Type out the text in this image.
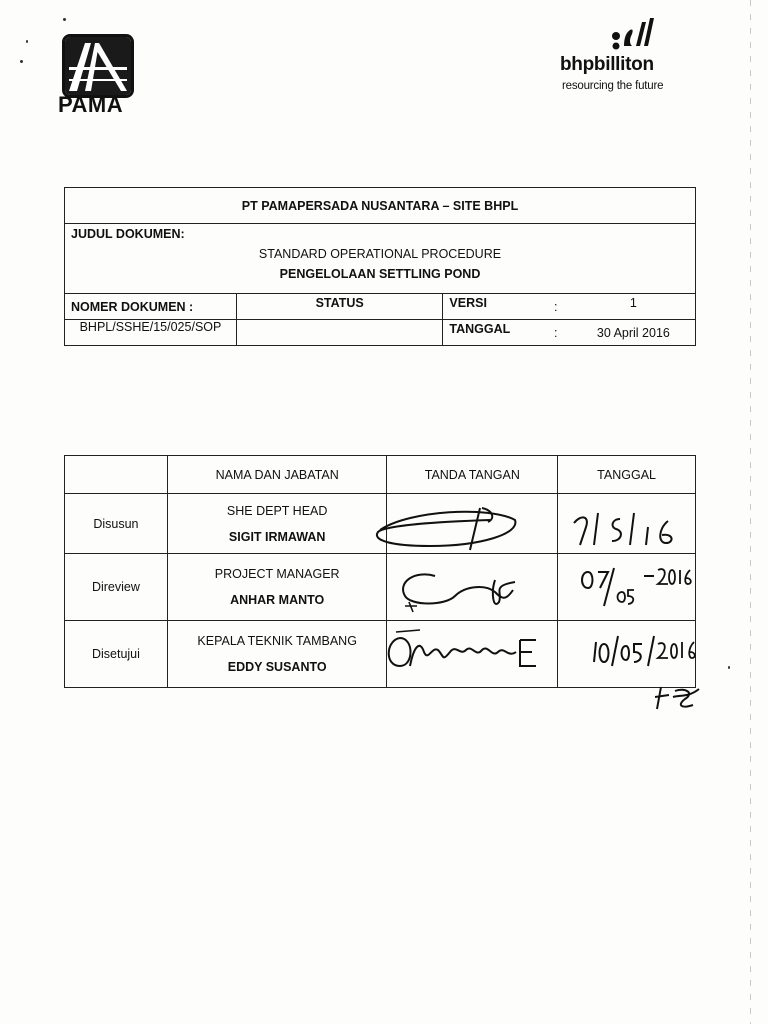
PAMA
bhpbilliton
resourcing the future
PT PAMAPERSADA NUSANTARA – SITE BHPL				

JUDUL DOKUMEN:
STANDARD OPERATIONAL PROCEDURE
PENGELOLAAN SETTLING POND				

NOMER DOKUMEN :	STATUS	VERSI	:	1
BHPL/SSHE/15/025/SOP		TANGGAL	:	30 April 2016
	NAMA DAN JABATAN	TANDA TANGAN	TANGGAL
Disusun	SHE DEPT HEAD
SIGIT IRMAWAN		

Direview	PROJECT MANAGER
ANHAR MANTO		

Disetujui	KEPALA TEKNIK TAMBANG
EDDY SUSANTO		
